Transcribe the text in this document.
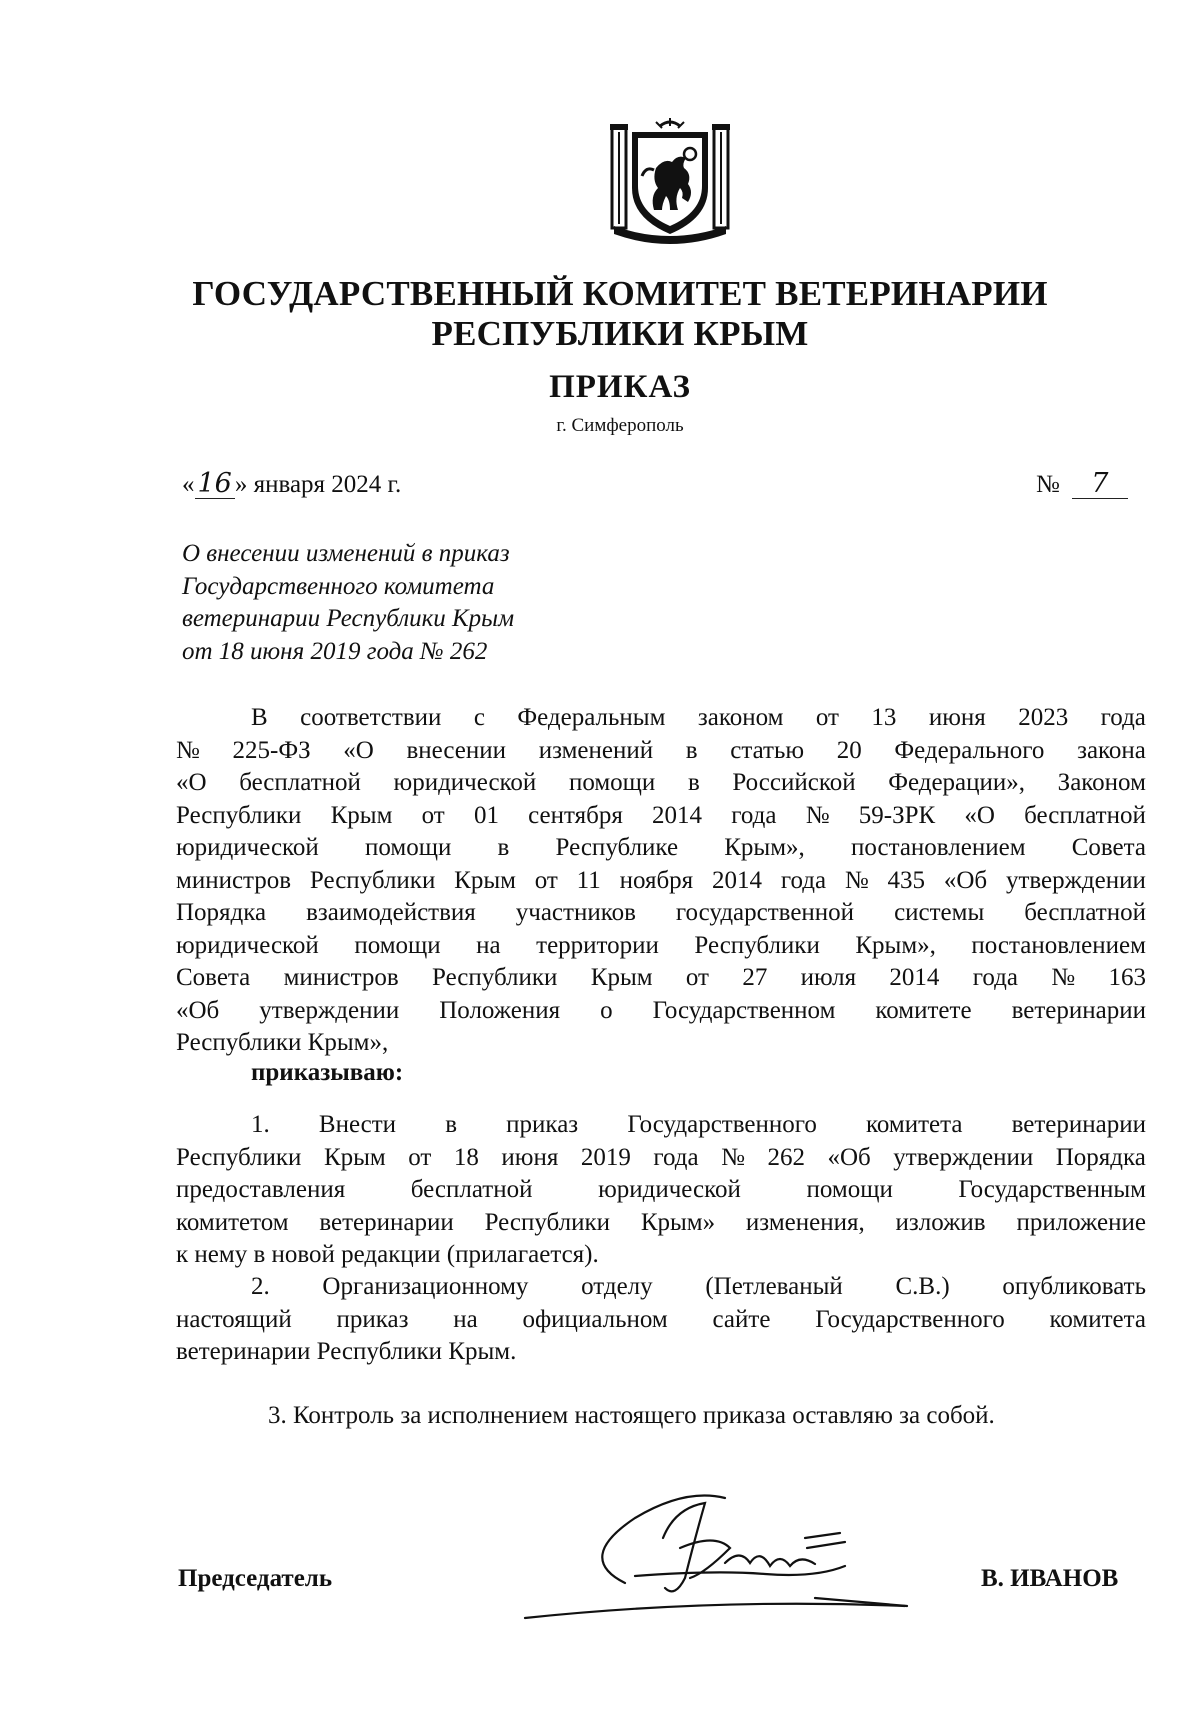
ГОСУДАРСТВЕННЫЙ КОМИТЕТ ВЕТЕРИНАРИИ
РЕСПУБЛИКИ КРЫМ
ПРИКАЗ
г. Симферополь
« 16 » января 2024 г.	№ 7
О внесении изменений в приказ
Государственного комитета
ветеринарии Республики Крым
от 18 июня 2019 года № 262
В соответствии с Федеральным законом от 13 июня 2023 года
№ 225-ФЗ «О внесении изменений в статью 20 Федерального закона
«О бесплатной юридической помощи в Российской Федерации», Законом
Республики Крым от 01 сентября 2014 года № 59-ЗРК «О бесплатной
юридической помощи в Республике Крым», постановлением Совета
министров Республики Крым от 11 ноября 2014 года № 435 «Об утверждении
Порядка взаимодействия участников государственной системы бесплатной
юридической помощи на территории Республики Крым», постановлением
Совета министров Республики Крым от 27 июля 2014 года № 163
«Об утверждении Положения о Государственном комитете ветеринарии
Республики Крым»,
приказываю:
1. Внести в приказ Государственного комитета ветеринарии
Республики Крым от 18 июня 2019 года № 262 «Об утверждении Порядка
предоставления	бесплатной	юридической	помощи	Государственным
комитетом ветеринарии Республики Крым» изменения, изложив приложение
к нему в новой редакции (прилагается).
2. Организационному отделу (Петлеваный С.В.) опубликовать
настоящий приказ на официальном сайте Государственного комитета
ветеринарии Республики Крым.
3. Контроль за исполнением настоящего приказа оставляю за собой.
Председатель	В. ИВАНОВ
